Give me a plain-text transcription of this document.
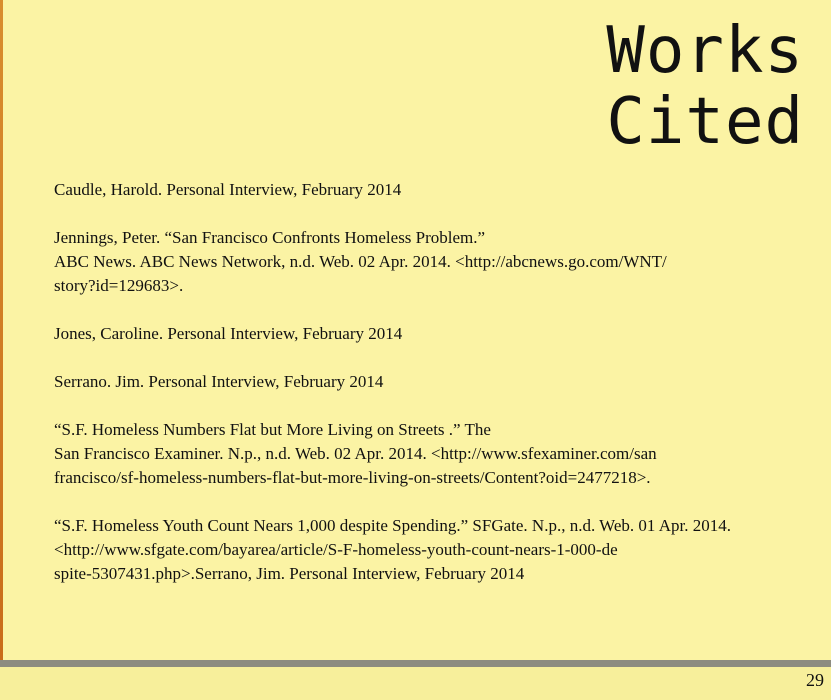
Works
Cited

Caudle, Harold. Personal Interview, February 2014

Jennings, Peter. “San Francisco Confronts Homeless Problem.”
ABC News. ABC News Network, n.d. Web. 02 Apr. 2014. <http://abcnews.go.com/WNT/
story?id=129683>.

Jones, Caroline. Personal Interview, February 2014

Serrano. Jim. Personal Interview, February 2014

“S.F. Homeless Numbers Flat but More Living on Streets .” The
San Francisco Examiner. N.p., n.d. Web. 02 Apr. 2014. <http://www.sfexaminer.com/san
francisco/sf-homeless-numbers-flat-but-more-living-on-streets/Content?oid=2477218>.

“S.F. Homeless Youth Count Nears 1,000 despite Spending.” SFGate. N.p., n.d. Web. 01 Apr. 2014.
<http://www.sfgate.com/bayarea/article/S-F-homeless-youth-count-nears-1-000-de
spite-5307431.php>.Serrano, Jim. Personal Interview, February 2014

29
